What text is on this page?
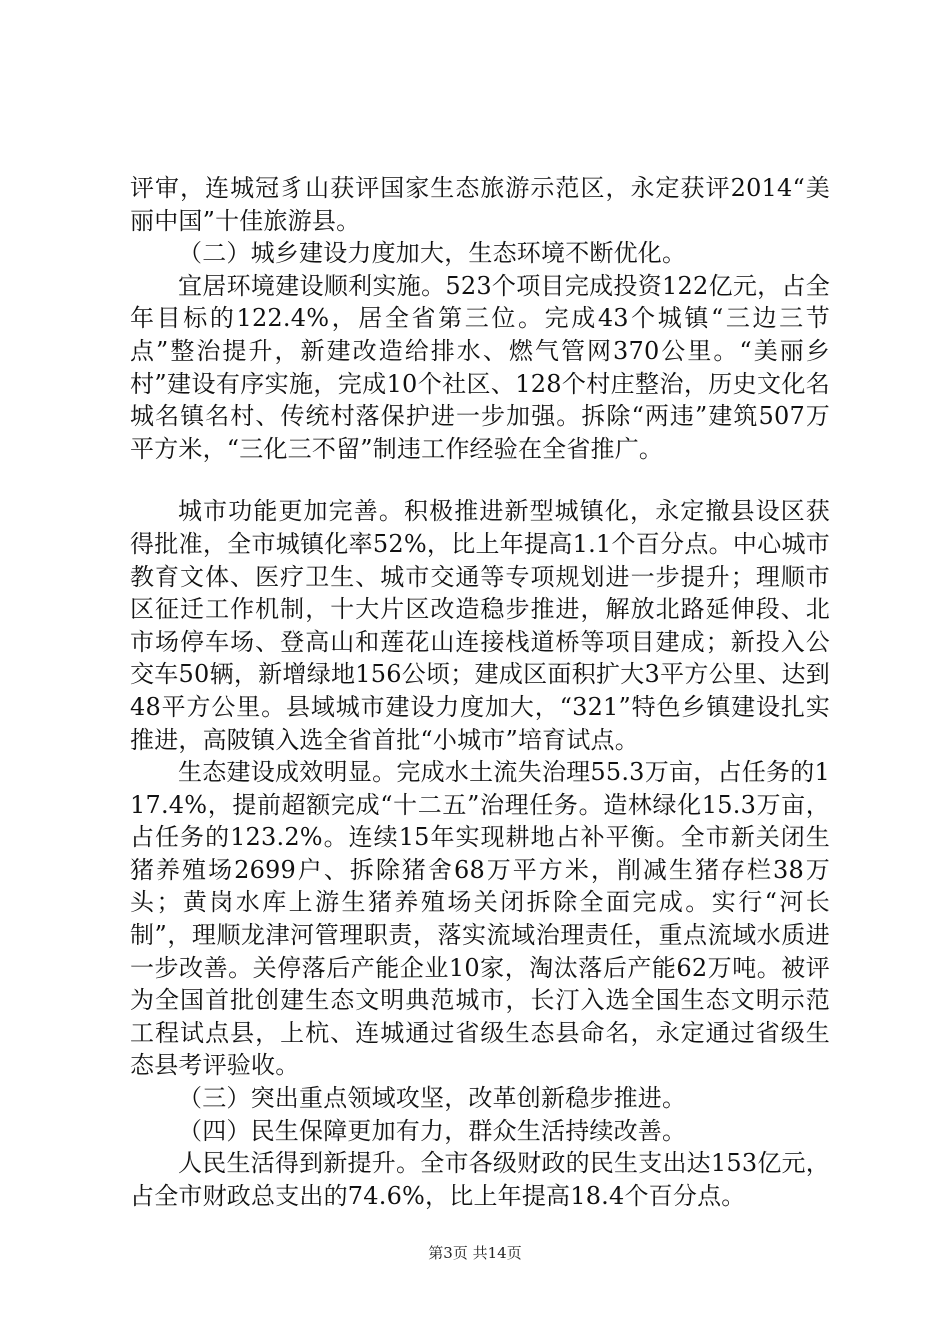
评审，连城冠豸山获评国家生态旅游示范区，永定获评2014“美丽中国”十佳旅游县。

（二）城乡建设力度加大，生态环境不断优化。

宜居环境建设顺利实施。523个项目完成投资122亿元，占全年目标的122.4%，居全省第三位。完成43个城镇“三边三节点”整治提升，新建改造给排水、燃气管网370公里。“美丽乡村”建设有序实施，完成10个社区、128个村庄整治，历史文化名城名镇名村、传统村落保护进一步加强。拆除“两违”建筑507万平方米，“三化三不留”制违工作经验在全省推广。

城市功能更加完善。积极推进新型城镇化，永定撤县设区获得批准，全市城镇化率52%，比上年提高1.1个百分点。中心城市教育文体、医疗卫生、城市交通等专项规划进一步提升；理顺市区征迁工作机制，十大片区改造稳步推进，解放北路延伸段、北市场停车场、登高山和莲花山连接栈道桥等项目建成；新投入公交车50辆，新增绿地156公顷；建成区面积扩大3平方公里、达到48平方公里。县域城市建设力度加大，“321”特色乡镇建设扎实推进，高陂镇入选全省首批“小城市”培育试点。

生态建设成效明显。完成水土流失治理55.3万亩，占任务的117.4%，提前超额完成“十二五”治理任务。造林绿化15.3万亩，占任务的123.2%。连续15年实现耕地占补平衡。全市新关闭生猪养殖场2699户、拆除猪舍68万平方米，削减生猪存栏38万头；黄岗水库上游生猪养殖场关闭拆除全面完成。实行“河长制”，理顺龙津河管理职责，落实流域治理责任，重点流域水质进一步改善。关停落后产能企业10家，淘汰落后产能62万吨。被评为全国首批创建生态文明典范城市，长汀入选全国生态文明示范工程试点县，上杭、连城通过省级生态县命名，永定通过省级生态县考评验收。

（三）突出重点领域攻坚，改革创新稳步推进。

（四）民生保障更加有力，群众生活持续改善。

人民生活得到新提升。全市各级财政的民生支出达153亿元，占全市财政总支出的74.6%，比上年提高18.4个百分点。

第3页 共14页
